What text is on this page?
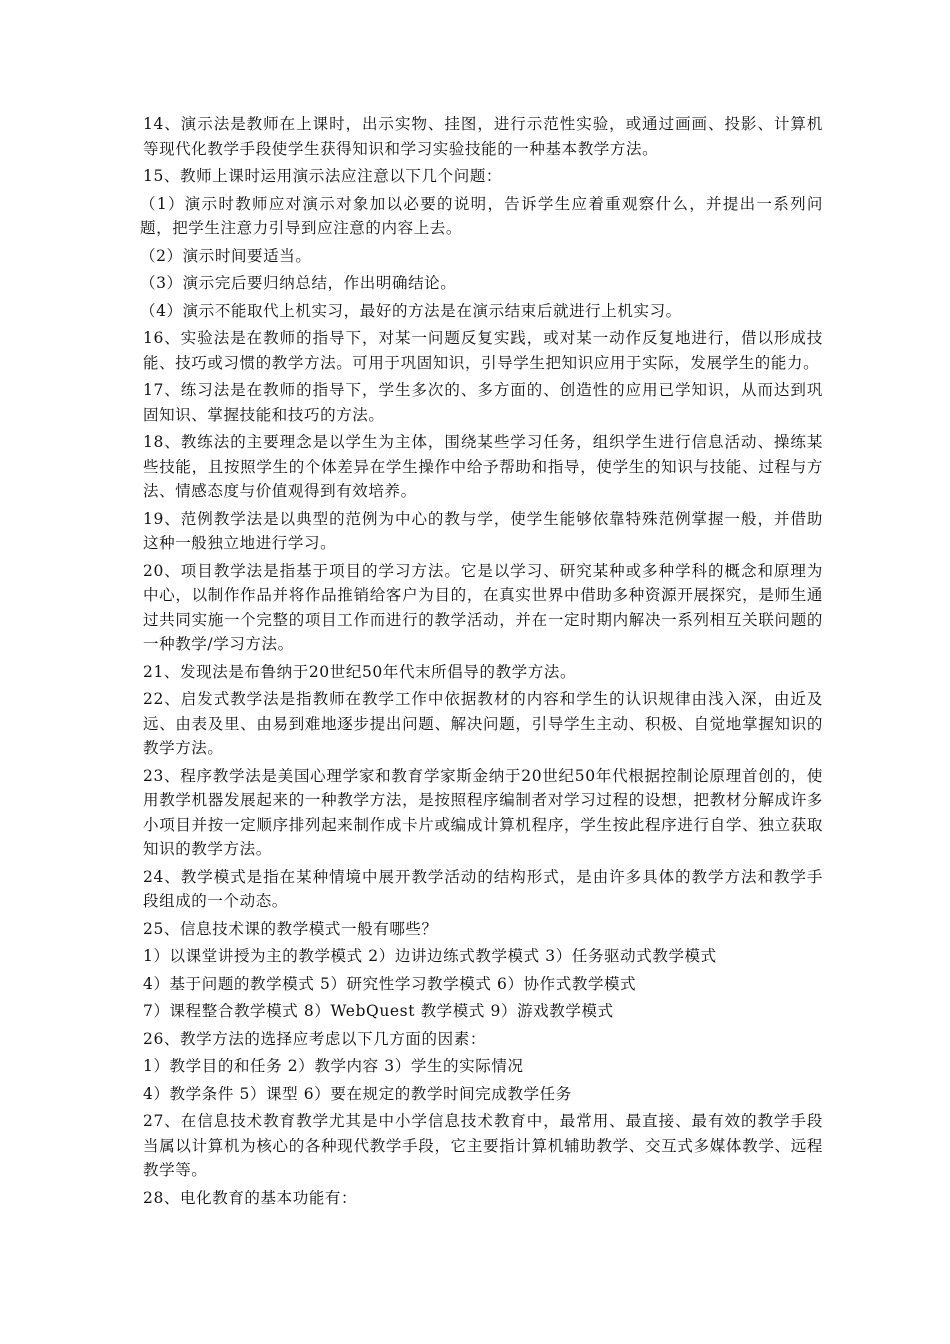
14、演示法是教师在上课时，出示实物、挂图，进行示范性实验，或通过画画、投影、计算机等现代化教学手段使学生获得知识和学习实验技能的一种基本教学方法。

15、教师上课时运用演示法应注意以下几个问题：

（1）演示时教师应对演示对象加以必要的说明，告诉学生应着重观察什么，并提出一系列问题，把学生注意力引导到应注意的内容上去。

（2）演示时间要适当。

（3）演示完后要归纳总结，作出明确结论。

（4）演示不能取代上机实习，最好的方法是在演示结束后就进行上机实习。

16、实验法是在教师的指导下，对某一问题反复实践，或对某一动作反复地进行，借以形成技能、技巧或习惯的教学方法。可用于巩固知识，引导学生把知识应用于实际，发展学生的能力。

17、练习法是在教师的指导下，学生多次的、多方面的、创造性的应用已学知识，从而达到巩固知识、掌握技能和技巧的方法。

18、教练法的主要理念是以学生为主体，围绕某些学习任务，组织学生进行信息活动、操练某些技能，且按照学生的个体差异在学生操作中给予帮助和指导，使学生的知识与技能、过程与方法、情感态度与价值观得到有效培养。

19、范例教学法是以典型的范例为中心的教与学，使学生能够依靠特殊范例掌握一般，并借助这种一般独立地进行学习。

20、项目教学法是指基于项目的学习方法。它是以学习、研究某种或多种学科的概念和原理为中心，以制作作品并将作品推销给客户为目的，在真实世界中借助多种资源开展探究，是师生通过共同实施一个完整的项目工作而进行的教学活动，并在一定时期内解决一系列相互关联问题的一种教学/学习方法。

21、发现法是布鲁纳于20世纪50年代末所倡导的教学方法。

22、启发式教学法是指教师在教学工作中依据教材的内容和学生的认识规律由浅入深，由近及远、由表及里、由易到难地逐步提出问题、解决问题，引导学生主动、积极、自觉地掌握知识的教学方法。

23、程序教学法是美国心理学家和教育学家斯金纳于20世纪50年代根据控制论原理首创的，使用教学机器发展起来的一种教学方法，是按照程序编制者对学习过程的设想，把教材分解成许多小项目并按一定顺序排列起来制作成卡片或编成计算机程序，学生按此程序进行自学、独立获取知识的教学方法。

24、教学模式是指在某种情境中展开教学活动的结构形式，是由许多具体的教学方法和教学手段组成的一个动态。

25、信息技术课的教学模式一般有哪些？

1）以课堂讲授为主的教学模式 2）边讲边练式教学模式 3）任务驱动式教学模式

4）基于问题的教学模式 5）研究性学习教学模式 6）协作式教学模式

7）课程整合教学模式 8）WebQuest 教学模式 9）游戏教学模式

26、教学方法的选择应考虑以下几方面的因素：

1）教学目的和任务 2）教学内容 3）学生的实际情况

4）教学条件 5）课型 6）要在规定的教学时间完成教学任务

27、在信息技术教育教学尤其是中小学信息技术教育中，最常用、最直接、最有效的教学手段当属以计算机为核心的各种现代教学手段，它主要指计算机辅助教学、交互式多媒体教学、远程教学等。

28、电化教育的基本功能有：
